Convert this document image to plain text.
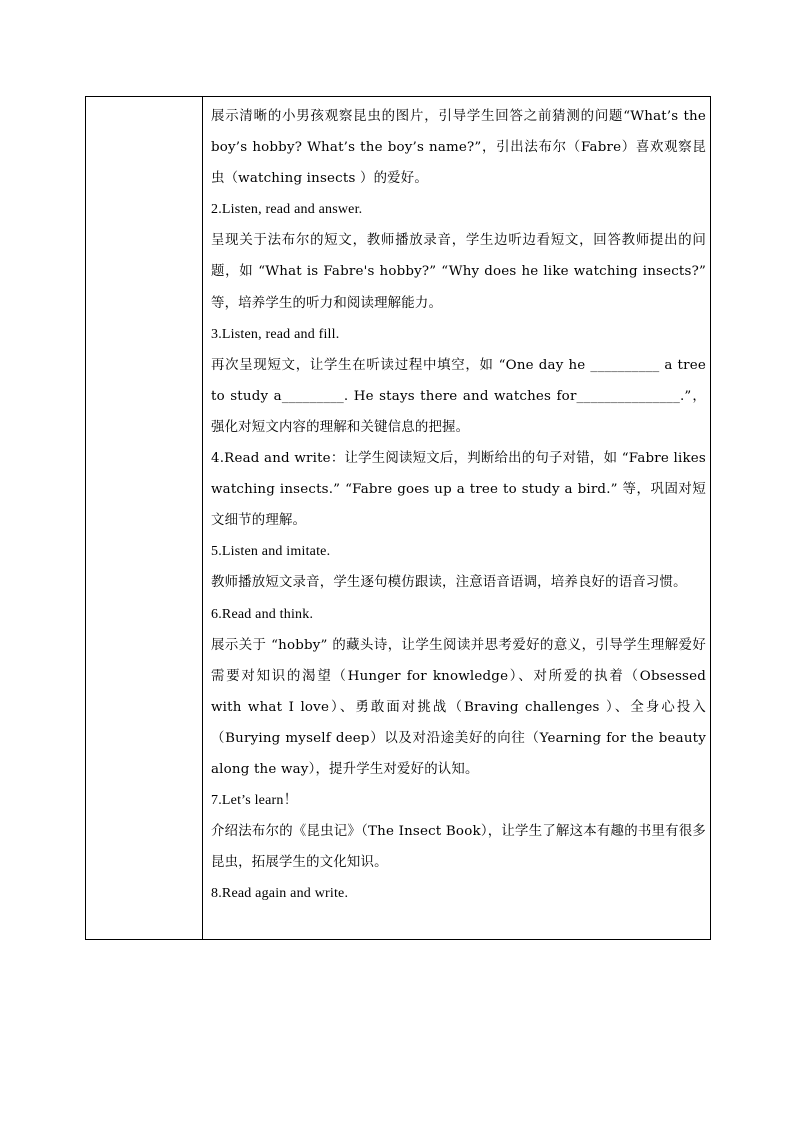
展示清晰的小男孩观察昆虫的图片，引导学生回答之前猜测的问题“What’s the boy’s hobby? What’s the boy’s name?”，引出法布尔（Fabre）喜欢观察昆虫（watching insects ）的爱好。

2.Listen, read and answer.

呈现关于法布尔的短文，教师播放录音，学生边听边看短文，回答教师提出的问题，如 “What is Fabre's hobby?” “Why does he like watching insects?” 等，培养学生的听力和阅读理解能力。

3.Listen, read and fill.

再次呈现短文，让学生在听读过程中填空，如 “One day he __________ a tree to study a_________. He stays there and watches for_______________.”，强化对短文内容的理解和关键信息的把握。

4.Read and write：让学生阅读短文后，判断给出的句子对错，如 “Fabre likes watching insects.” “Fabre goes up a tree to study a bird.” 等，巩固对短文细节的理解。

5.Listen and imitate.

教师播放短文录音，学生逐句模仿跟读，注意语音语调，培养良好的语音习惯。

6.Read and think.

展示关于 “hobby” 的藏头诗，让学生阅读并思考爱好的意义，引导学生理解爱好需要对知识的渴望（Hunger for knowledge）、对所爱的执着（Obsessed with what I love）、勇敢面对挑战（Braving challenges ）、全身心投入（Burying myself deep）以及对沿途美好的向往（Yearning for the beauty along the way），提升学生对爱好的认知。

7.Let’s learn！

介绍法布尔的《昆虫记》（The Insect Book），让学生了解这本有趣的书里有很多昆虫，拓展学生的文化知识。

8.Read again and write.
